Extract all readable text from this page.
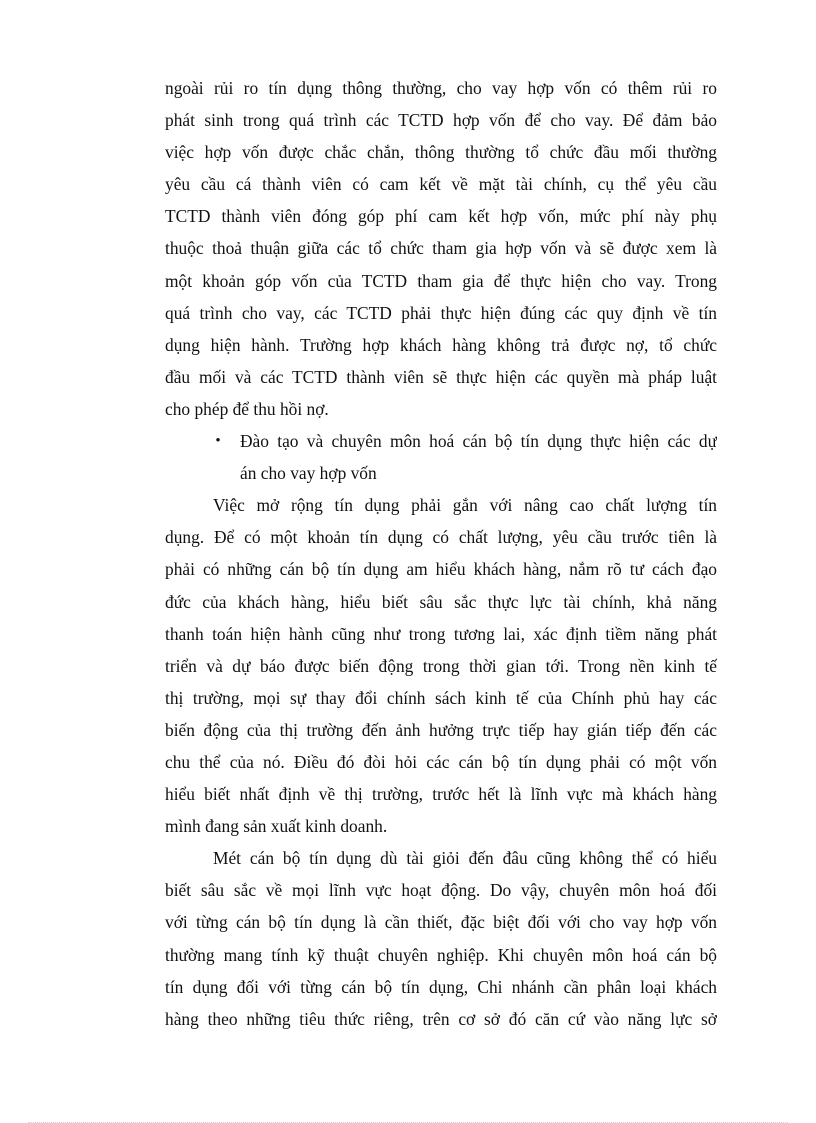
ngoài rủi ro tín dụng thông thường, cho vay hợp vốn có thêm rủi ro
phát sinh trong quá trình các TCTD hợp vốn để cho vay. Để đảm bảo
việc hợp vốn được chắc chắn, thông thường tổ chức đầu mối thường
yêu cầu cá thành viên có cam kết về mặt tài chính, cụ thể yêu cầu
TCTD thành viên đóng góp phí cam kết hợp vốn, mức phí này phụ
thuộc thoả thuận giữa các tổ chức tham gia hợp vốn và sẽ được xem là
một khoản góp vốn của TCTD tham gia để thực hiện cho vay. Trong
quá trình cho vay, các TCTD phải thực hiện đúng các quy định về tín
dụng hiện hành. Trường hợp khách hàng không trả được nợ, tổ chức
đầu mối và các TCTD thành viên sẽ thực hiện các quyền mà pháp luật
cho phép để thu hồi nợ.
• Đào tạo và chuyên môn hoá cán bộ tín dụng thực hiện các dự
án cho vay hợp vốn
Việc mở rộng tín dụng phải gắn với nâng cao chất lượng tín
dụng. Để có một khoản tín dụng có chất lượng, yêu cầu trước tiên là
phải có những cán bộ tín dụng am hiểu khách hàng, nắm rõ tư cách đạo
đức của khách hàng, hiểu biết sâu sắc thực lực tài chính, khả năng
thanh toán hiện hành cũng như trong tương lai, xác định tiềm năng phát
triển và dự báo được biến động trong thời gian tới. Trong nền kinh tế
thị trường, mọi sự thay đổi chính sách kinh tế của Chính phủ hay các
biến động của thị trường đến ảnh hưởng trực tiếp hay gián tiếp đến các
chu thể của nó. Điều đó đòi hỏi các cán bộ tín dụng phải có một vốn
hiểu biết nhất định về thị trường, trước hết là lĩnh vực mà khách hàng
mình đang sản xuất kinh doanh.
Mét cán bộ tín dụng dù tài giỏi đến đâu cũng không thể có hiểu
biết sâu sắc về mọi lĩnh vực hoạt động. Do vậy, chuyên môn hoá đối
với từng cán bộ tín dụng là cần thiết, đặc biệt đối với cho vay hợp vốn
thường mang tính kỹ thuật chuyên nghiệp. Khi chuyên môn hoá cán bộ
tín dụng đối với từng cán bộ tín dụng, Chi nhánh cần phân loại khách
hàng theo những tiêu thức riêng, trên cơ sở đó căn cứ vào năng lực sở
